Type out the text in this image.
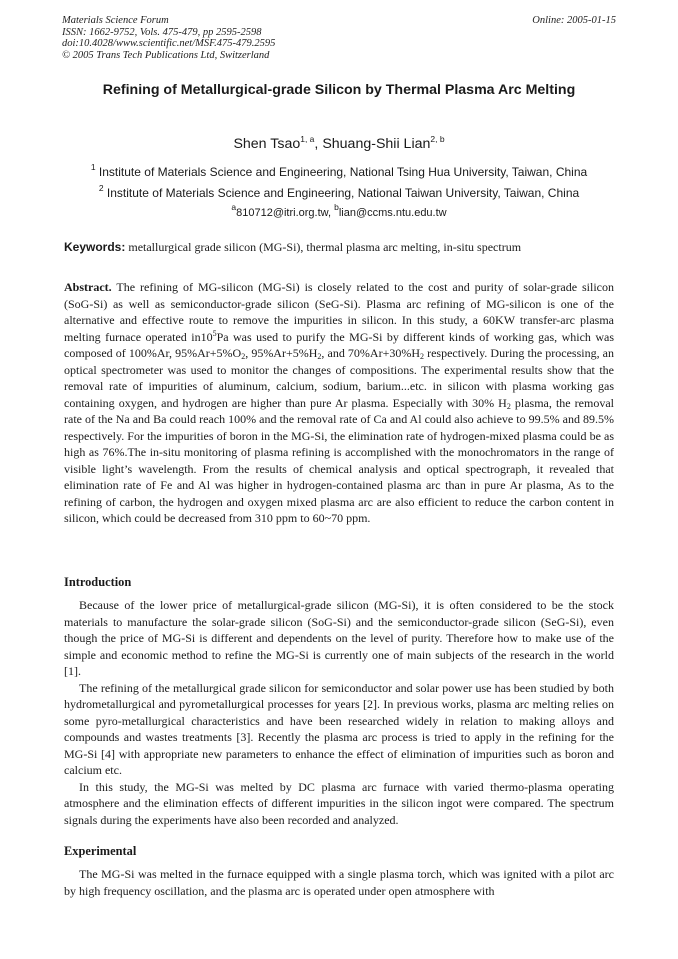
Materials Science Forum
ISSN: 1662-9752, Vols. 475-479, pp 2595-2598
doi:10.4028/www.scientific.net/MSF.475-479.2595
© 2005 Trans Tech Publications Ltd, Switzerland
Online: 2005-01-15
Refining of Metallurgical-grade Silicon by Thermal Plasma Arc Melting
Shen Tsao$^{1, a}$, Shuang-Shii Lian$^{2, b}$
$^1$ Institute of Materials Science and Engineering, National Tsing Hua University, Taiwan, China
$^2$ Institute of Materials Science and Engineering, National Taiwan University, Taiwan, China
$^a$810712@itri.org.tw, $^b$lian@ccms.ntu.edu.tw
Keywords: metallurgical grade silicon (MG-Si), thermal plasma arc melting, in-situ spectrum
Abstract. The refining of MG-silicon (MG-Si) is closely related to the cost and purity of solar-grade silicon (SoG-Si) as well as semiconductor-grade silicon (SeG-Si). Plasma arc refining of MG-silicon is one of the alternative and effective route to remove the impurities in silicon. In this study, a 60KW transfer-arc plasma melting furnace operated $in10^5Pa$ was used to purify the MG-Si by different kinds of working gas, which was composed of 100%Ar, $95\%Ar+5\%O_2$, $95\%Ar+5\%H_2$, and $70\%Ar+30\%H_2$ respectively. During the processing, an optical spectrometer was used to monitor the changes of compositions. The experimental results show that the removal rate of impurities of aluminum, calcium, sodium, barium...etc. in silicon with plasma working gas containing oxygen, and hydrogen are higher than pure Ar plasma. Especially with 30% $H_2$ plasma, the removal rate of the Na and Ba could reach 100% and the removal rate of Ca and Al could also achieve to 99.5% and 89.5% respectively. For the impurities of boron in the MG-Si, the elimination rate of hydrogen-mixed plasma could be as high as 76%.The in-situ monitoring of plasma refining is accomplished with the monochromators in the range of visible light’s wavelength. From the results of chemical analysis and optical spectrograph, it revealed that elimination rate of Fe and Al was higher in hydrogen-contained plasma arc than in pure Ar plasma, As to the refining of carbon, the hydrogen and oxygen mixed plasma arc are also efficient to reduce the carbon content in silicon, which could be decreased from 310 ppm to 60~70 ppm.
Introduction

Because of the lower price of metallurgical-grade silicon (MG-Si), it is often considered to be the stock materials to manufacture the solar-grade silicon (SoG-Si) and the semiconductor-grade silicon (SeG-Si), even though the price of MG-Si is different and dependents on the level of purity. Therefore how to make use of the simple and economic method to refine the MG-Si is currently one of main subjects of the research in the world [1].

The refining of the metallurgical grade silicon for semiconductor and solar power use has been studied by both hydrometallurgical and pyrometallurgical processes for years [2]. In previous works, plasma arc melting relies on some pyro-metallurgical characteristics and have been researched widely in relation to making alloys and compounds and wastes treatments [3]. Recently the plasma arc process is tried to apply in the refining for the MG-Si [4] with appropriate new parameters to enhance the effect of elimination of impurities such as boron and calcium etc.

In this study, the MG-Si was melted by DC plasma arc furnace with varied thermo-plasma operating atmosphere and the elimination effects of different impurities in the silicon ingot were compared. The spectrum signals during the experiments have also been recorded and analyzed.

Experimental

The MG-Si was melted in the furnace equipped with a single plasma torch, which was ignited with a pilot arc by high frequency oscillation, and the plasma arc is operated under open atmosphere with
